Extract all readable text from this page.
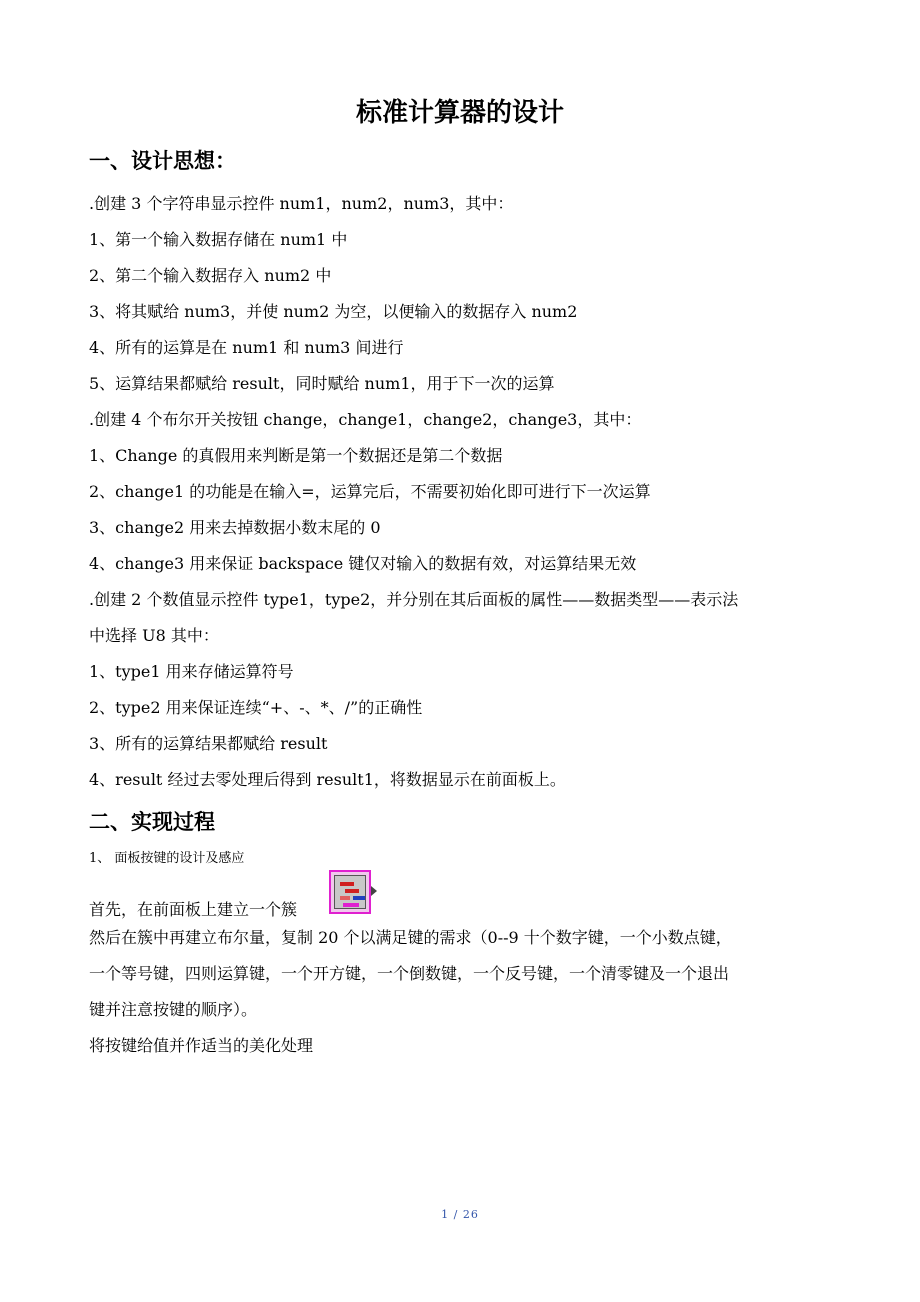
标准计算器的设计
一、设计思想：
.创建 3 个字符串显示控件 num1，num2，num3，其中：
1、第一个输入数据存储在 num1 中
2、第二个输入数据存入 num2 中
3、将其赋给 num3，并使 num2 为空，以便输入的数据存入 num2
4、所有的运算是在 num1 和 num3 间进行
5、运算结果都赋给 result，同时赋给 num1，用于下一次的运算
.创建 4 个布尔开关按钮 change，change1，change2，change3，其中：
1、Change 的真假用来判断是第一个数据还是第二个数据
2、change1 的功能是在输入=，运算完后，不需要初始化即可进行下一次运算
3、change2 用来去掉数据小数末尾的 0
4、change3 用来保证 backspace 键仅对输入的数据有效，对运算结果无效
.创建 2 个数值显示控件 type1，type2，并分别在其后面板的属性——数据类型——表示法
中选择 U8 其中：
1、type1 用来存储运算符号
2、type2 用来保证连续“+、-、*、/”的正确性
3、所有的运算结果都赋给 result
4、result 经过去零处理后得到 result1，将数据显示在前面板上。
二、实现过程
1、 面板按键的设计及感应
首先，在前面板上建立一个簇
然后在簇中再建立布尔量，复制 20 个以满足键的需求（0--9 十个数字键，一个小数点键，
一个等号键，四则运算键，一个开方键，一个倒数键，一个反号键，一个清零键及一个退出
键并注意按键的顺序）。
将按键给值并作适当的美化处理
1 / 26
